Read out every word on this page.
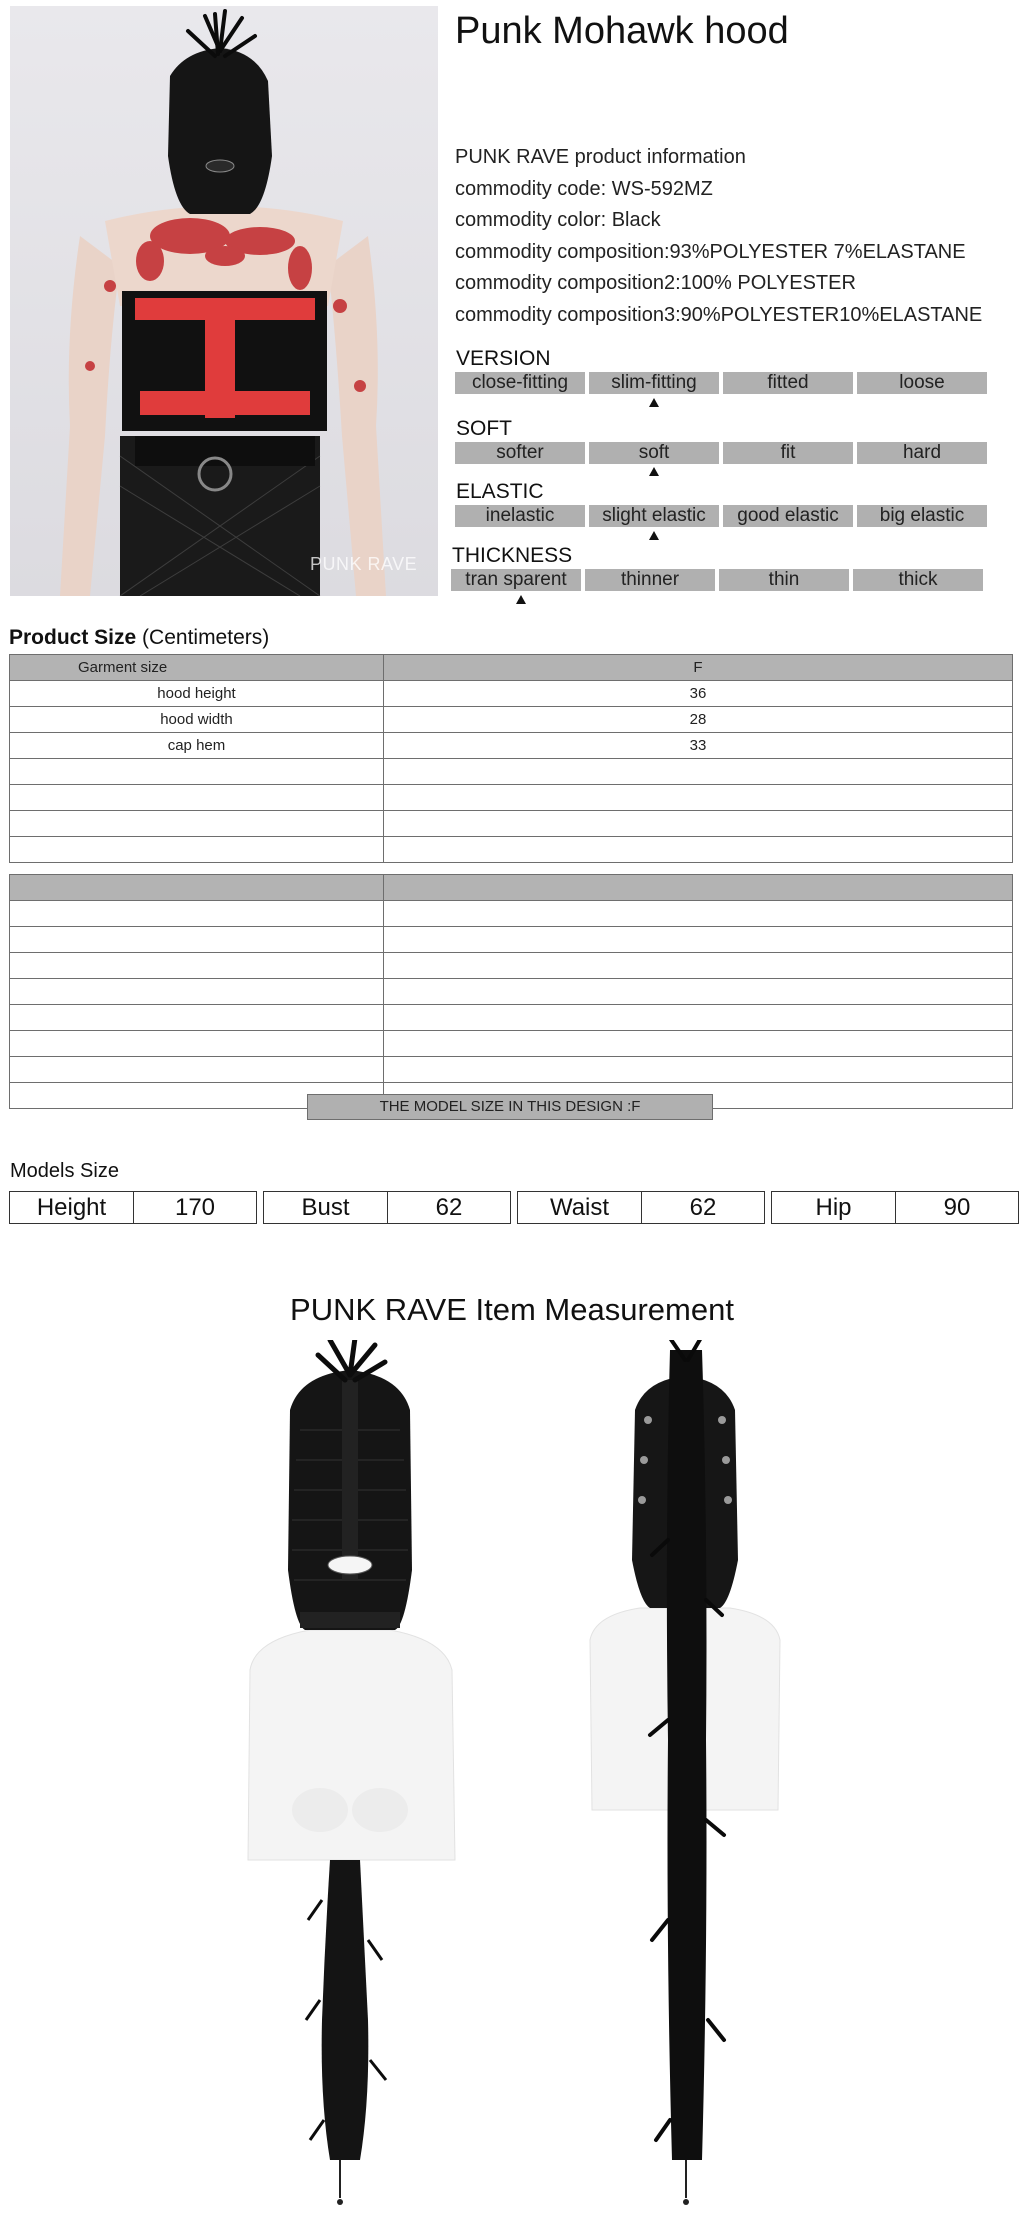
PUNK RAVE
Punk Mohawk hood
PUNK RAVE product information
commodity code: WS-592MZ
commodity color: Black
commodity composition:93%POLYESTER 7%ELASTANE
commodity composition2:100% POLYESTER
commodity composition3:90%POLYESTER10%ELASTANE
VERSION
close-fitting	slim-fitting	fitted	loose
SOFT
softer	soft	fit	hard
ELASTIC
inelastic	slight elastic	good elastic	big elastic
THICKNESS
tran sparent	thinner	thin	thick
Product Size (Centimeters)
Garment size	F
hood height	36
hood width	28
cap hem	33

THE MODEL SIZE IN THIS DESIGN :F
Models Size
Height	170	Bust	62	Waist	62	Hip	90
PUNK RAVE Item Measurement
